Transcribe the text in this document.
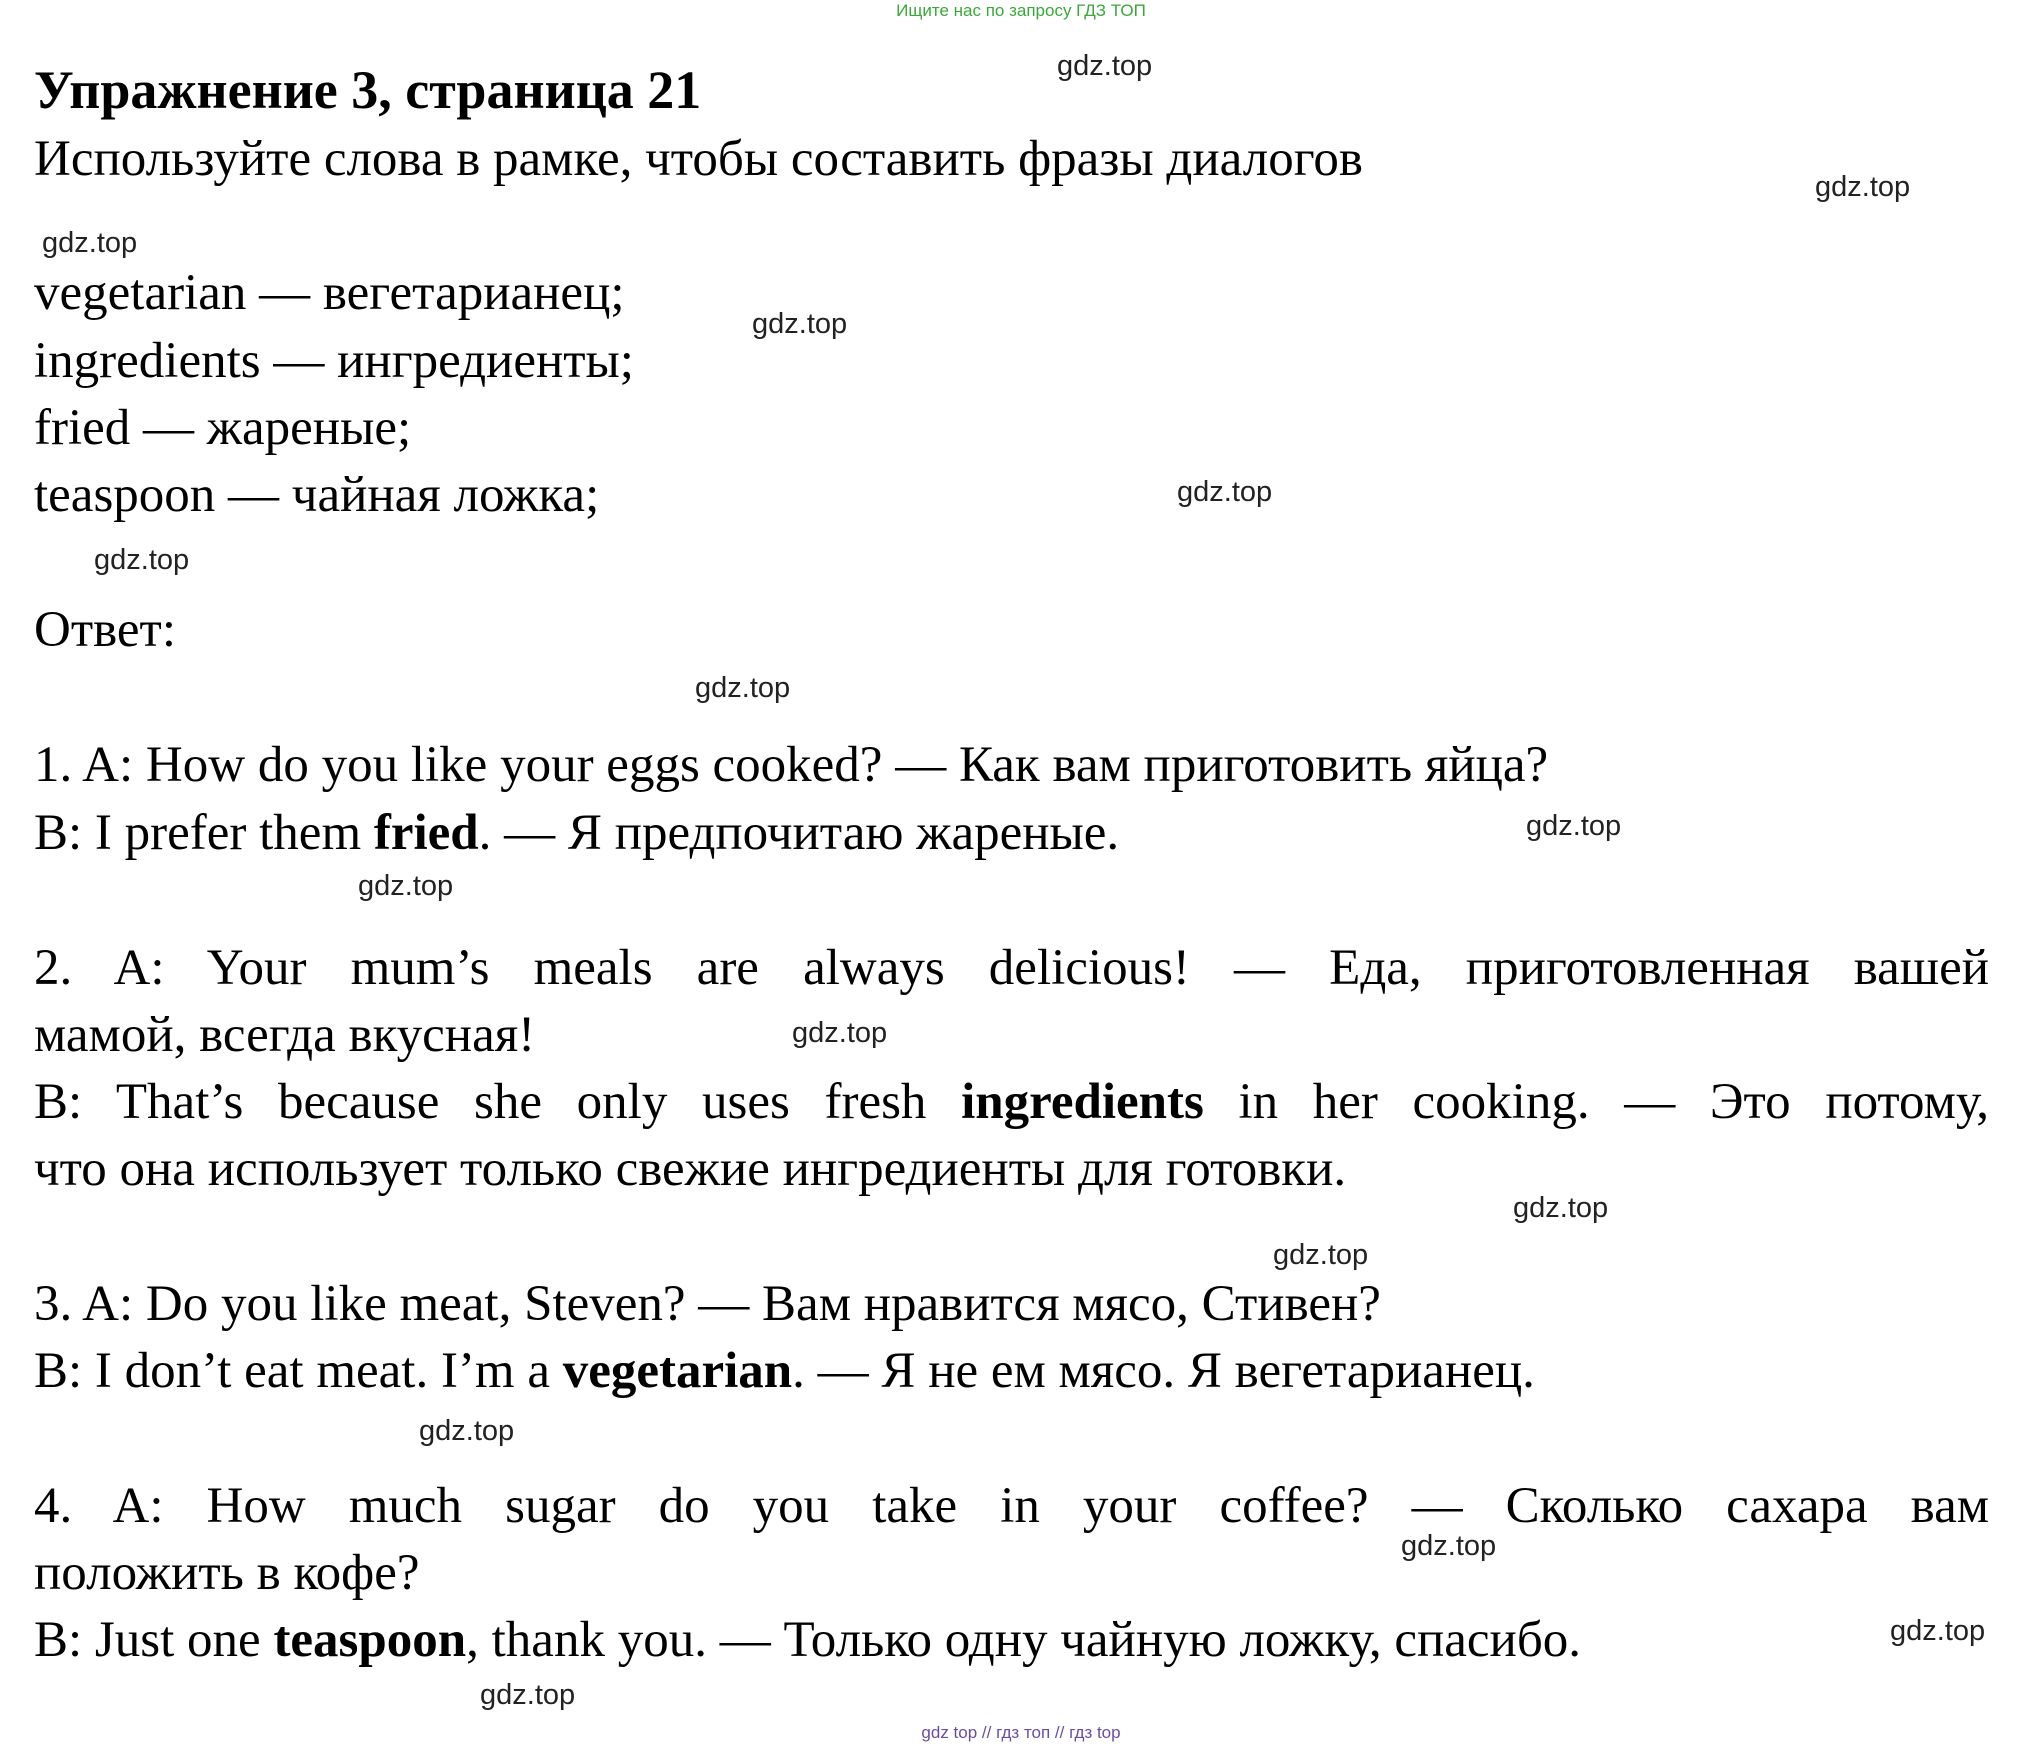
Ищите нас по запросу ГДЗ ТОП
Упражнение 3, страница 21

Используйте слова в рамке, чтобы составить фразы диалогов

vegetarian — вегетарианец;

ingredients — ингредиенты;

fried — жареные;

teaspoon — чайная ложка;

Ответ:

1. A: How do you like your eggs cooked? — Как вам приготовить яйца?

B: I prefer them fried. — Я предпочитаю жареные.

2. A: Your mum’s meals are always delicious! — Еда, приготовленная вашей

мамой, всегда вкусная!

B: That’s because she only uses fresh ingredients in her cooking. — Это потому,

что она использует только свежие ингредиенты для готовки.

3. A: Do you like meat, Steven? — Вам нравится мясо, Стивен?

B: I don’t eat meat. I’m a vegetarian. — Я не ем мясо. Я вегетарианец.

4. A: How much sugar do you take in your coffee? — Сколько сахара вам

положить в кофе?

B: Just one teaspoon, thank you. — Только одну чайную ложку, спасибо.

gdz.top
gdz.top
gdz.top
gdz.top
gdz.top
gdz.top
gdz.top
gdz.top
gdz.top
gdz.top
gdz.top
gdz.top
gdz.top
gdz.top
gdz.top
gdz.top
gdz top // гдз топ // гдз top
